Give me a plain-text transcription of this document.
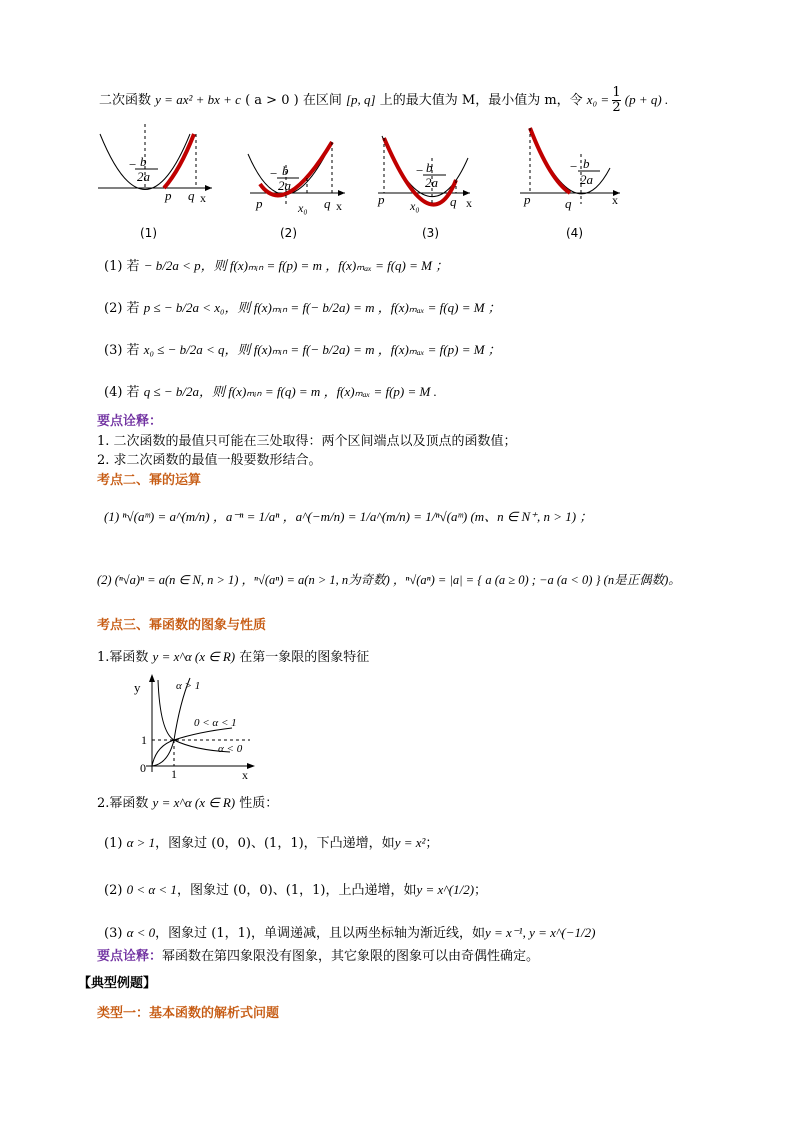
二次函数 y = ax² + bx + c ( a > 0 ) 在区间 [p, q] 上的最大值为 M，最小值为 m，令 $x_0 = \frac{1}{2} (p + q)$ .
b
−
2a
p q x
b
−
2a
p	x₀ q x
b
−
2a
p x₀ q x
b
−
2a
p	q	x
(1)	(2)	(3)	(4)
(1) 若 − b/2a < p，则 f(x)ₘᵢₙ = f(p) = m ，f(x)ₘₐₓ = f(q) = M ；
(2) 若 p ≤ − b/2a < x₀，则 f(x)ₘᵢₙ = f(− b/2a) = m ，f(x)ₘₐₓ = f(q) = M ；
(3) 若 x₀ ≤ − b/2a < q，则 f(x)ₘᵢₙ = f(− b/2a) = m ，f(x)ₘₐₓ = f(p) = M ；
(4) 若 q ≤ − b/2a，则 f(x)ₘᵢₙ = f(q) = m ，f(x)ₘₐₓ = f(p) = M .
要点诠释：
1. 二次函数的最值只可能在三处取得：两个区间端点以及顶点的函数值；
2. 求二次函数的最值一般要数形结合。
考点二、幂的运算
(1) ⁿ√(aᵐ) = a^(m/n) ，a⁻ⁿ = 1/aⁿ ，a^(−m/n) = 1/a^(m/n) = 1/ⁿ√(aᵐ) (m、n ∈ N⁺, n > 1) ；
(2) (ⁿ√a)ⁿ = a(n ∈ N, n > 1) ，ⁿ√(aⁿ) = a(n > 1, n为奇数) ，ⁿ√(aⁿ) = |a| = { a (a ≥ 0) ; −a (a < 0) } (n是正偶数)。
考点三、幂函数的图象与性质
1.幂函数 y = x^α (x ∈ R) 在第一象限的图象特征
y
x
0 1
1
α > 1
0 < α < 1
α < 0
2.幂函数 y = x^α (x ∈ R) 性质：
(1) α > 1，图象过 (0，0)、(1，1)，下凸递增，如y = x²；
(2) 0 < α < 1，图象过 (0，0)、(1，1)，上凸递增，如y = x^(1/2)；
(3) α < 0，图象过 (1，1)，单调递减，且以两坐标轴为渐近线，如y = x⁻¹, y = x^(−1/2)
要点诠释：幂函数在第四象限没有图象，其它象限的图象可以由奇偶性确定。
【典型例题】
类型一：基本函数的解析式问题
